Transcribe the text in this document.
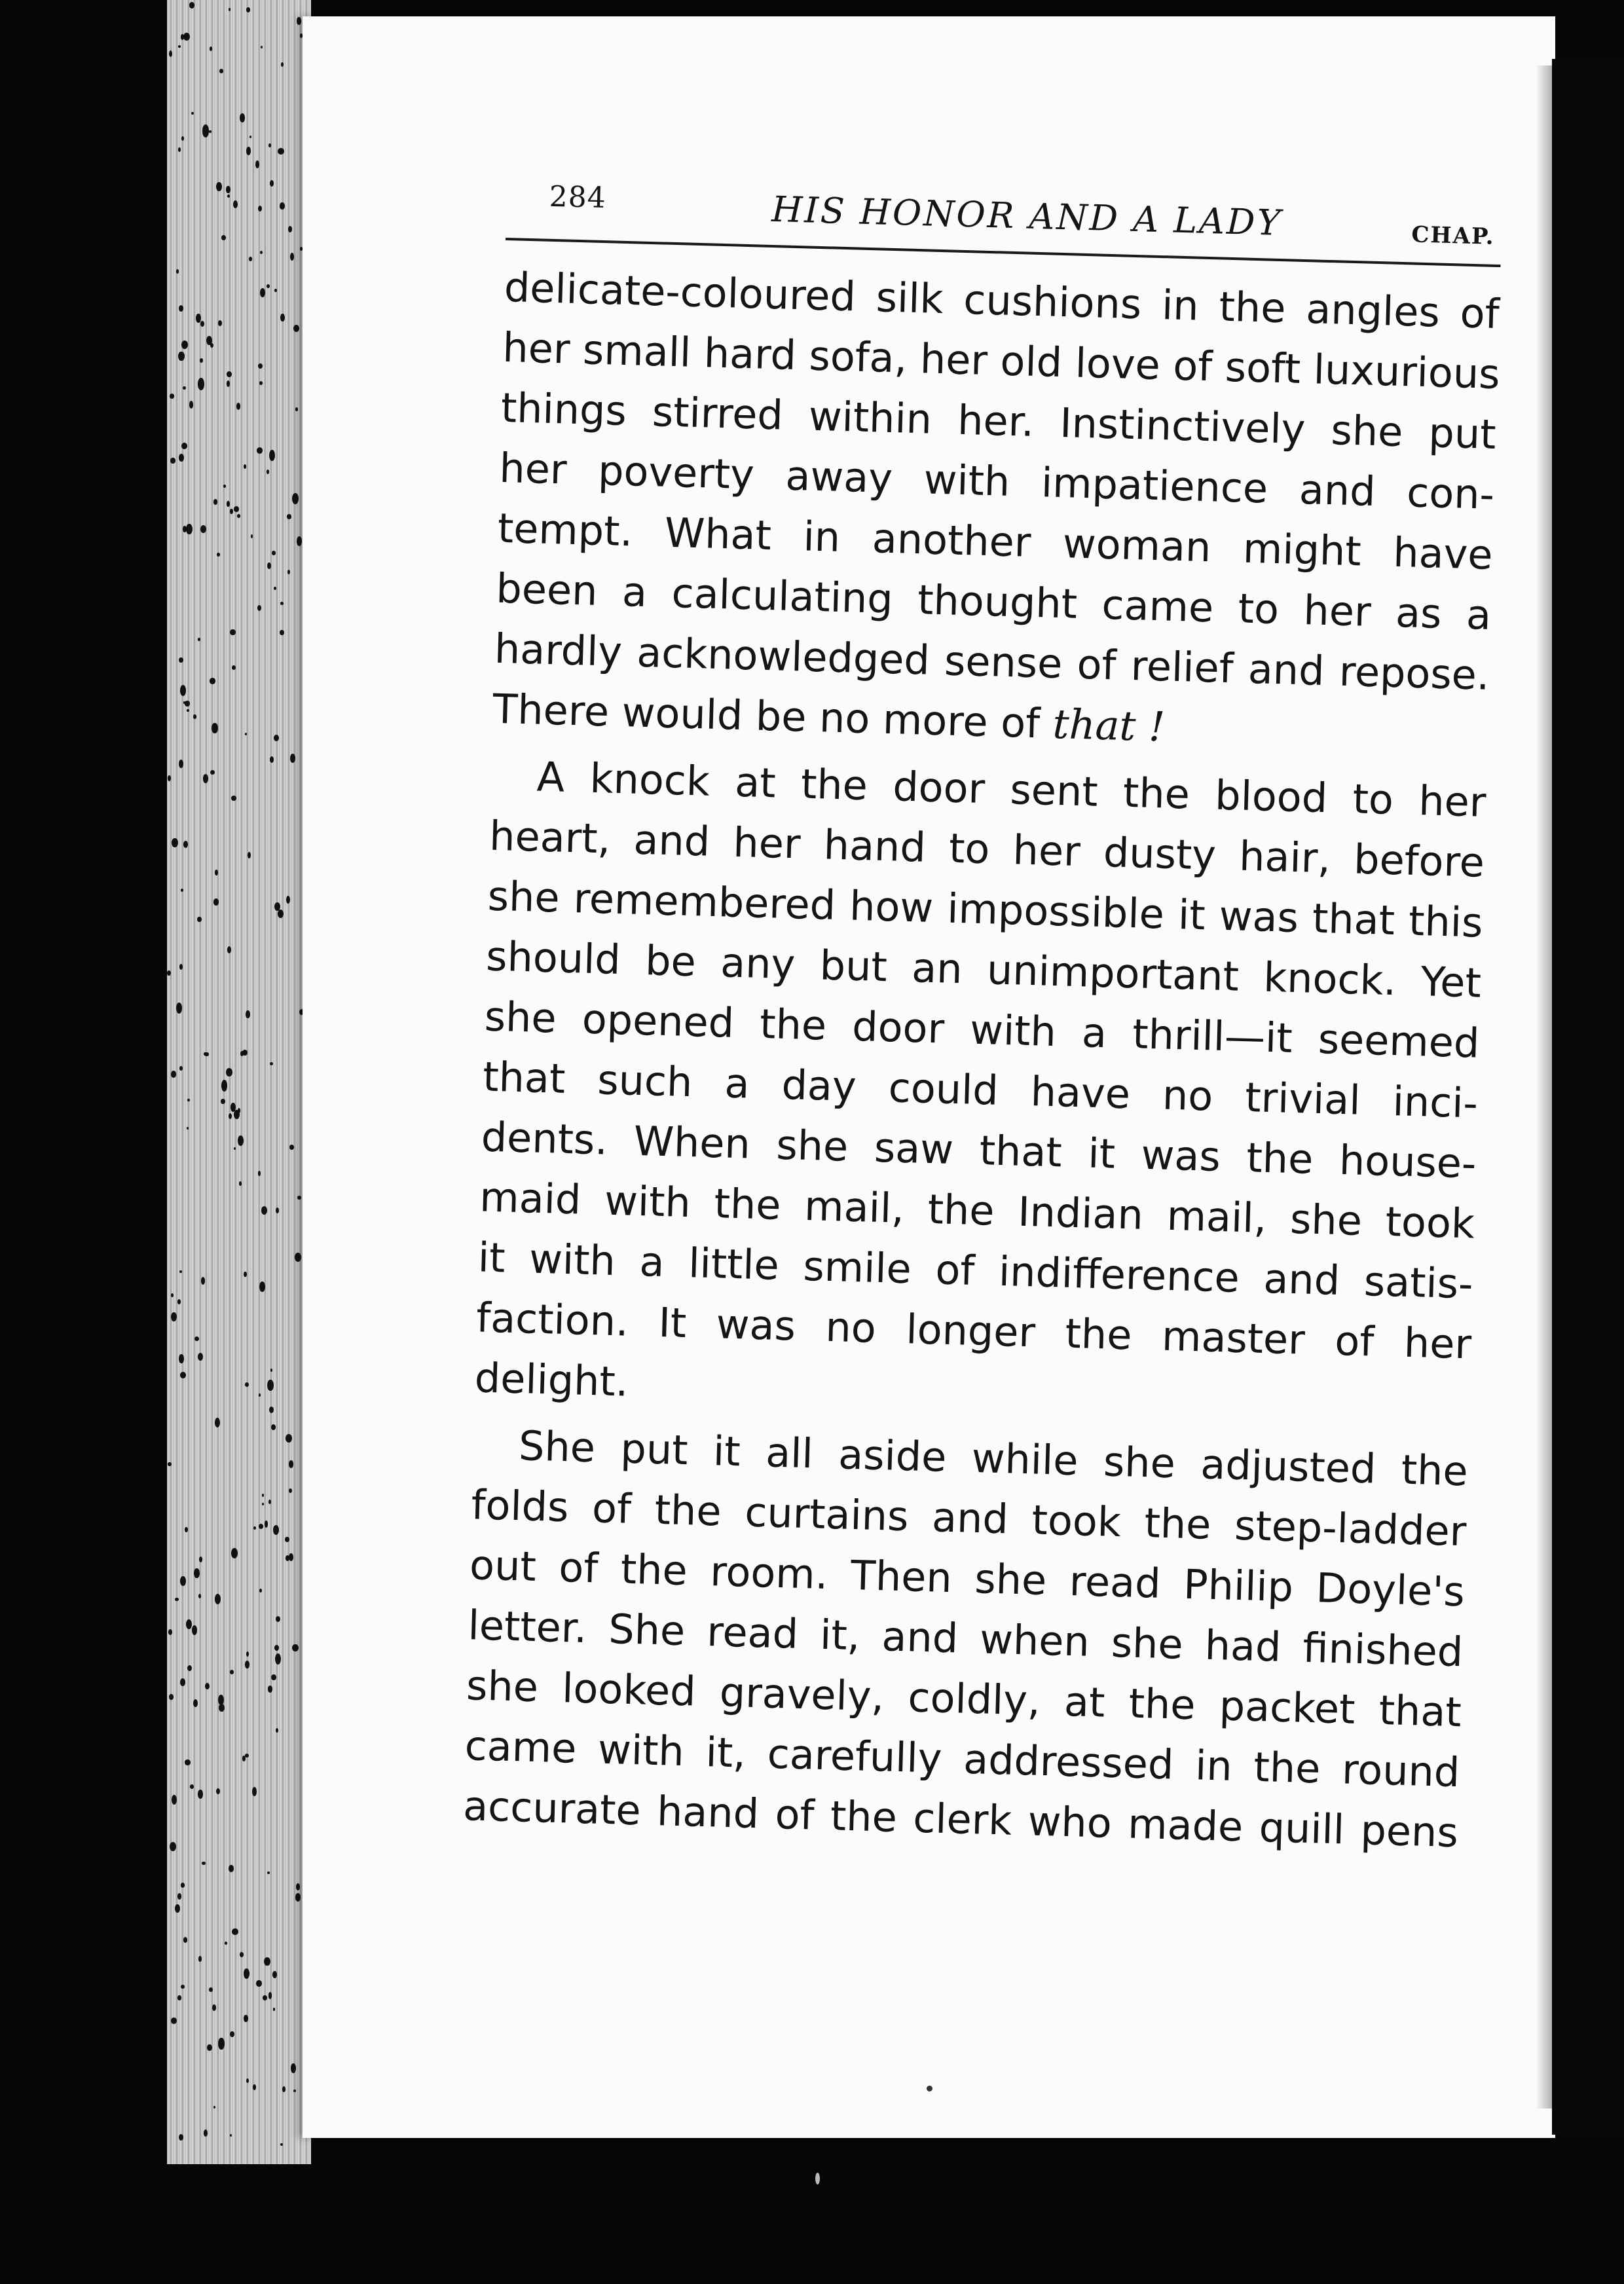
284	HIS HONOR AND A LADY	CHAP.
delicate-coloured silk cushions in the angles of
her small hard sofa, her old love of soft luxurious
things stirred within her. Instinctively she put
her poverty away with impatience and con-
tempt. What in another woman might have
been a calculating thought came to her as a
hardly acknowledged sense of relief and repose.
There would be no more of that !
A knock at the door sent the blood to her
heart, and her hand to her dusty hair, before
she remembered how impossible it was that this
should be any but an unimportant knock. Yet
she opened the door with a thrill—it seemed
that such a day could have no trivial inci-
dents. When she saw that it was the house-
maid with the mail, the Indian mail, she took
it with a little smile of indifference and satis-
faction. It was no longer the master of her
delight.
She put it all aside while she adjusted the
folds of the curtains and took the step-ladder
out of the room. Then she read Philip Doyle's
letter. She read it, and when she had finished
she looked gravely, coldly, at the packet that
came with it, carefully addressed in the round
accurate hand of the clerk who made quill pens
